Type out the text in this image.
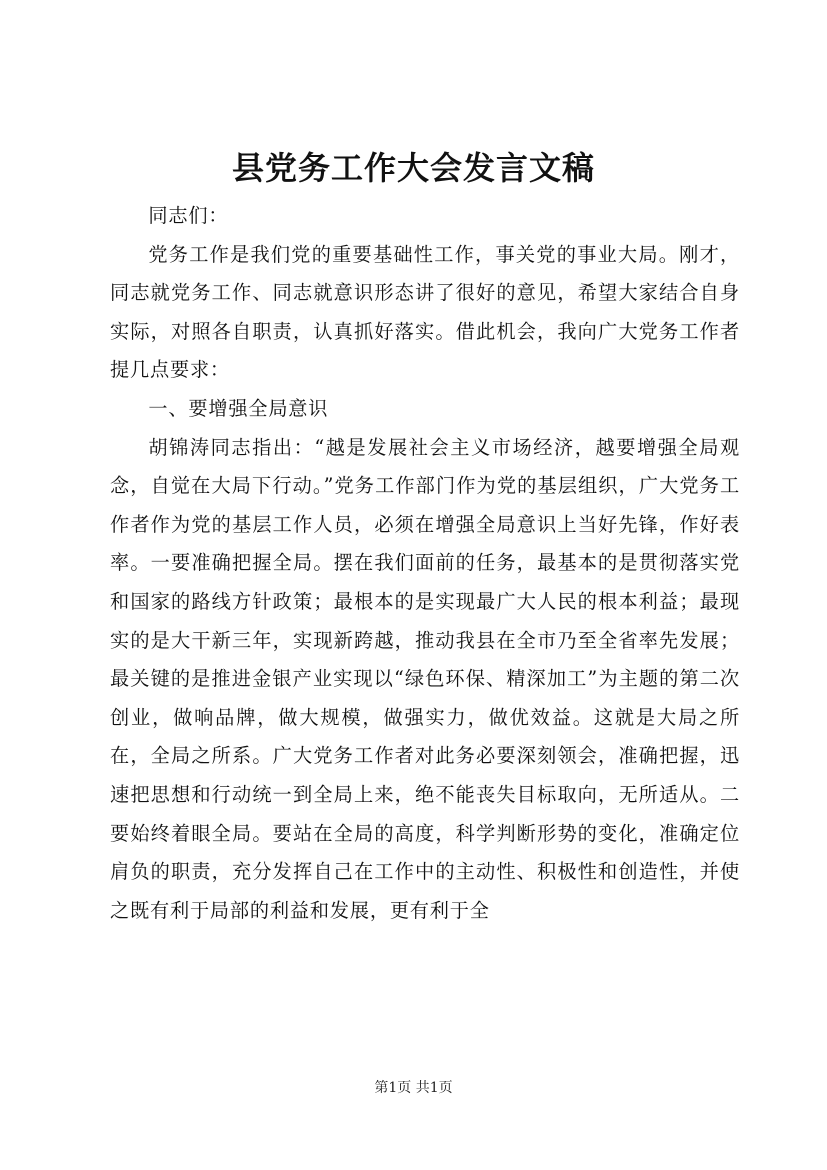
县党务工作大会发言文稿

同志们：

党务工作是我们党的重要基础性工作，事关党的事业大局。刚才，同志就党务工作、同志就意识形态讲了很好的意见，希望大家结合自身实际，对照各自职责，认真抓好落实。借此机会，我向广大党务工作者提几点要求：

一、要增强全局意识

胡锦涛同志指出：“越是发展社会主义市场经济，越要增强全局观念，自觉在大局下行动。”党务工作部门作为党的基层组织，广大党务工作者作为党的基层工作人员，必须在增强全局意识上当好先锋，作好表率。一要准确把握全局。摆在我们面前的任务，最基本的是贯彻落实党和国家的路线方针政策；最根本的是实现最广大人民的根本利益；最现实的是大干新三年，实现新跨越，推动我县在全市乃至全省率先发展；最关键的是推进金银产业实现以“绿色环保、精深加工”为主题的第二次创业，做响品牌，做大规模，做强实力，做优效益。这就是大局之所在，全局之所系。广大党务工作者对此务必要深刻领会，准确把握，迅速把思想和行动统一到全局上来，绝不能丧失目标取向，无所适从。二要始终着眼全局。要站在全局的高度，科学判断形势的变化，准确定位肩负的职责，充分发挥自己在工作中的主动性、积极性和创造性，并使之既有利于局部的利益和发展，更有利于全

第1页 共1页
